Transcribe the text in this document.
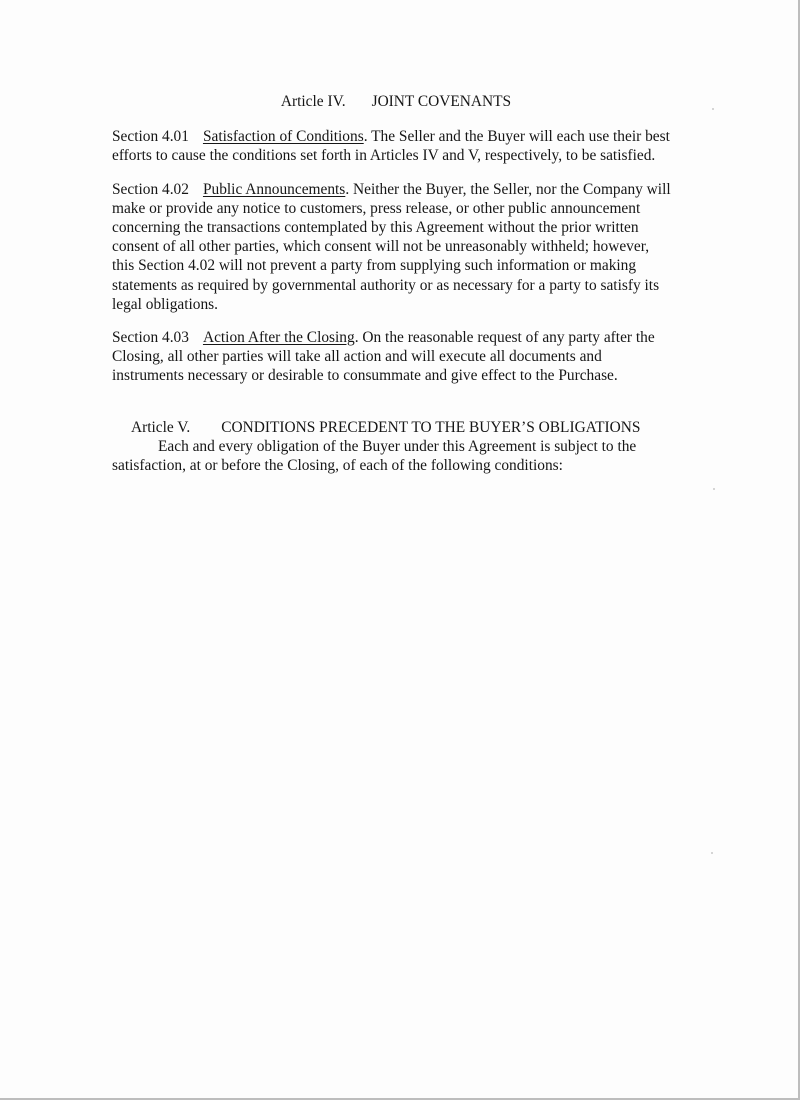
Article IV. JOINT COVENANTS

Section 4.01 Satisfaction of Conditions. The Seller and the Buyer will each use their best efforts to cause the conditions set forth in Articles IV and V, respectively, to be satisfied.

Section 4.02 Public Announcements. Neither the Buyer, the Seller, nor the Company will make or provide any notice to customers, press release, or other public announcement concerning the transactions contemplated by this Agreement without the prior written consent of all other parties, which consent will not be unreasonably withheld; however, this Section 4.02 will not prevent a party from supplying such information or making statements as required by governmental authority or as necessary for a party to satisfy its legal obligations.

Section 4.03 Action After the Closing. On the reasonable request of any party after the Closing, all other parties will take all action and will execute all documents and instruments necessary or desirable to consummate and give effect to the Purchase.

Article V. CONDITIONS PRECEDENT TO THE BUYER’S OBLIGATIONS

Each and every obligation of the Buyer under this Agreement is subject to the satisfaction, at or before the Closing, of each of the following conditions:
